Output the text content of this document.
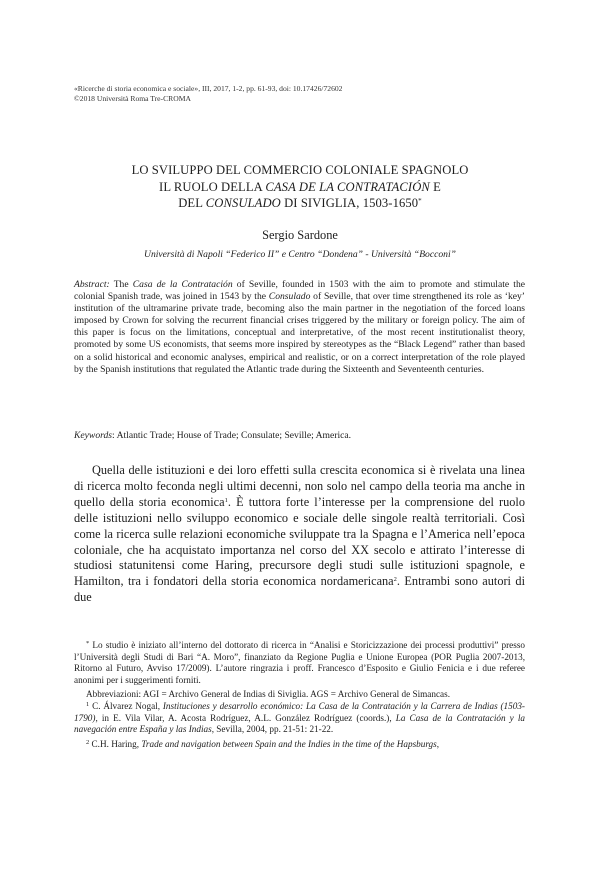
«Ricerche di storia economica e sociale», III, 2017, 1-2, pp. 61-93, doi: 10.17426/72602
©2018 Università Roma Tre-CROMA
LO SVILUPPO DEL COMMERCIO COLONIALE SPAGNOLO
IL RUOLO DELLA CASA DE LA CONTRATACIÓN E
DEL CONSULADO DI SIVIGLIA, 1503-1650*
Sergio Sardone
Università di Napoli “Federico II” e Centro “Dondena” - Università “Bocconi”
Abstract: The Casa de la Contratación of Seville, founded in 1503 with the aim to promote and stimulate the colonial Spanish trade, was joined in 1543 by the Consulado of Seville, that over time strengthened its role as ‘key’ institution of the ultramarine private trade, becoming also the main partner in the negotiation of the forced loans imposed by Crown for solving the recurrent financial crises triggered by the military or foreign policy. The aim of this paper is focus on the limitations, conceptual and interpretative, of the most recent institutionalist theory, promoted by some US economists, that seems more inspired by stereotypes as the “Black Legend” rather than based on a solid historical and economic analyses, empirical and realistic, or on a correct interpretation of the role played by the Spanish institutions that regulated the Atlantic trade during the Sixteenth and Seventeenth centuries.
Keywords: Atlantic Trade; House of Trade; Consulate; Seville; America.
Quella delle istituzioni e dei loro effetti sulla crescita economica si è rivelata una linea di ricerca molto feconda negli ultimi decenni, non solo nel campo della teoria ma anche in quello della storia economica$^1$. È tuttora forte l’interesse per la comprensione del ruolo delle istituzioni nello sviluppo economico e sociale delle singole realtà territoriali. Così come la ricerca sulle relazioni economiche sviluppate tra la Spagna e l’America nell’epoca coloniale, che ha acquistato importanza nel corso del XX secolo e attirato l’interesse di studiosi statunitensi come Haring, precursore degli studi sulle istituzioni spagnole, e Hamilton, tra i fondatori della storia economica nordamericana$^2$. Entrambi sono autori di due

* Lo studio è iniziato all’interno del dottorato di ricerca in “Analisi e Storicizzazione dei processi produttivi” presso l’Università degli Studi di Bari “A. Moro”, finanziato da Regione Puglia e Unione Europea (POR Puglia 2007-2013, Ritorno al Futuro, Avviso 17/2009). L’autore ringrazia i proff. Francesco d’Esposito e Giulio Fenicia e i due referee anonimi per i suggerimenti forniti.

Abbreviazioni: AGI = Archivo General de Indias di Siviglia. AGS = Archivo General de Simancas.

$^1$ C. Álvarez Nogal, Instituciones y desarrollo económico: La Casa de la Contratación y la Carrera de Indias (1503-1790), in E. Vila Vilar, A. Acosta Rodríguez, A.L. González Rodríguez (coords.), La Casa de la Contratación y la navegación entre España y las Indias, Sevilla, 2004, pp. 21-51: 21-22.

$^2$ C.H. Haring, Trade and navigation between Spain and the Indies in the time of the Hapsburgs,
